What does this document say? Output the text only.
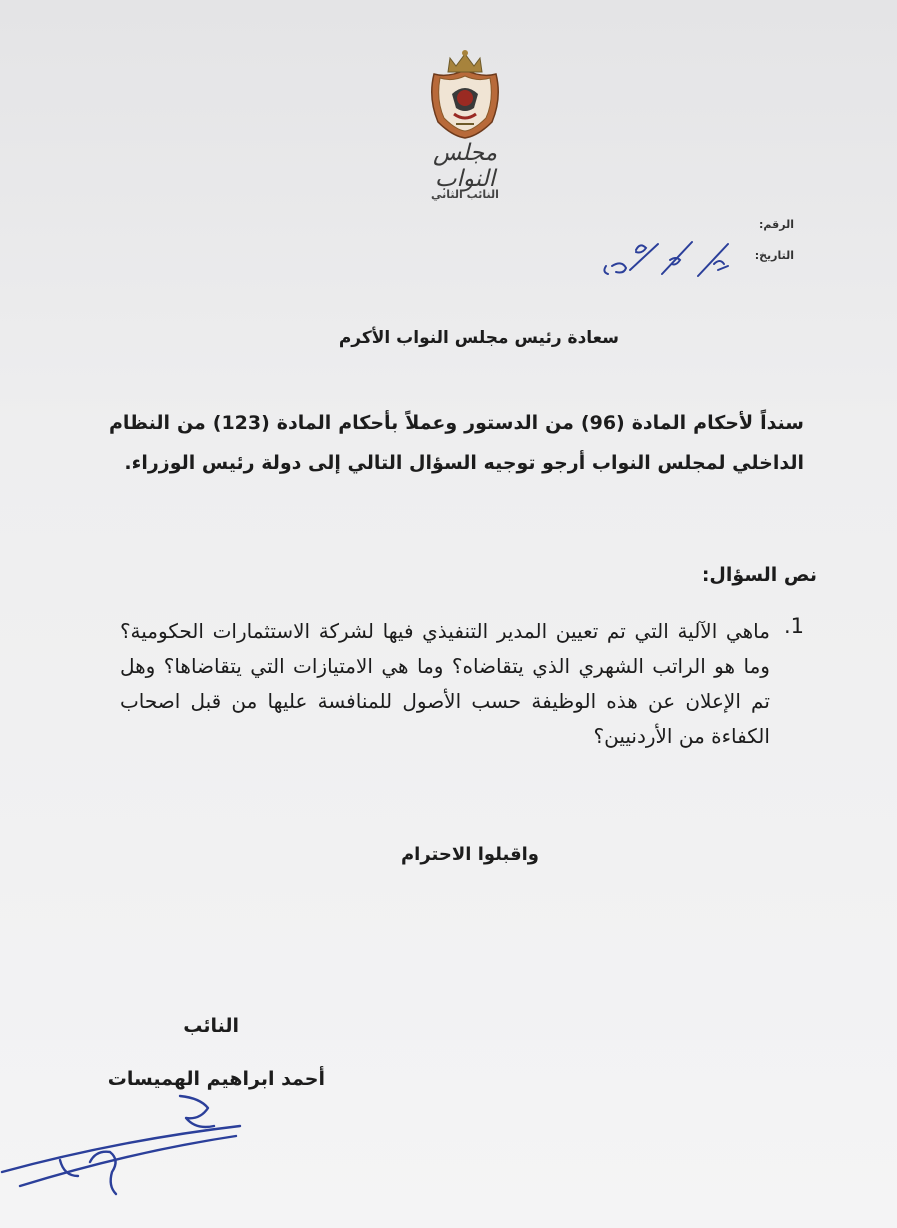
مجلس النواب
النائب الثاني
الرقم:
التاريخ:
سعادة رئيس مجلس النواب الأكرم
سنداً لأحكام المادة (96) من الدستور وعملاً بأحكام المادة (123) من النظام الداخلي لمجلس النواب أرجو توجيه السؤال التالي إلى دولة رئيس الوزراء.
نص السؤال:
1.
ماهي الآلية التي تم تعيين المدير التنفيذي فيها لشركة الاستثمارات الحكومية؟ وما هو الراتب الشهري الذي يتقاضاه؟ وما هي الامتيازات التي يتقاضاها؟ وهل تم الإعلان عن هذه الوظيفة حسب الأصول للمنافسة عليها من قبل اصحاب الكفاءة من الأردنيين؟
واقبلوا الاحترام
النائب
أحمد ابراهيم الهميسات
